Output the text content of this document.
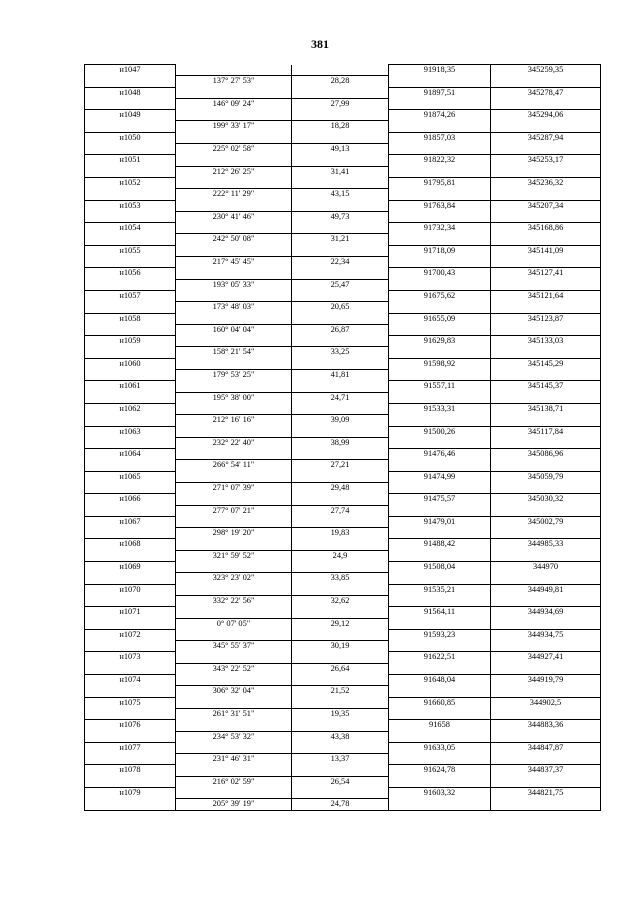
381
н1047			91918,35	345259,35
	137° 27' 53"	28,28		
н1048			91897,51	345278,47
	146° 09' 24"	27,99		
н1049			91874,26	345294,06
	199° 33' 17"	18,28		
н1050			91857,03	345287,94
	225° 02' 58"	49,13		
н1051			91822,32	345253,17
	212° 26' 25"	31,41		
н1052			91795,81	345236,32
	222° 11' 29"	43,15		
н1053			91763,84	345207,34
	230° 41' 46"	49,73		
н1054			91732,34	345168,86
	242° 50' 08"	31,21		
н1055			91718,09	345141,09
	217° 45' 45"	22,34		
н1056			91700,43	345127,41
	193° 05' 33"	25,47		
н1057			91675,62	345121,64
	173° 48' 03"	20,65		
н1058			91655,09	345123,87
	160° 04' 04"	26,87		
н1059			91629,83	345133,03
	158° 21' 54"	33,25		
н1060			91598,92	345145,29
	179° 53' 25"	41,81		
н1061			91557,11	345145,37
	195° 38' 00"	24,71		
н1062			91533,31	345138,71
	212° 16' 16"	39,09		
н1063			91500,26	345117,84
	232° 22' 40"	38,99		
н1064			91476,46	345086,96
	266° 54' 11"	27,21		
н1065			91474,99	345059,79
	271° 07' 39"	29,48		
н1066			91475,57	345030,32
	277° 07' 21"	27,74		
н1067			91479,01	345002,79
	298° 19' 20"	19,83		
н1068			91488,42	344985,33
	321° 59' 52"	24,9		
н1069			91508,04	344970
	323° 23' 02"	33,85		
н1070			91535,21	344949,81
	332° 22' 56"	32,62		
н1071			91564,11	344934,69
	0° 07' 05"	29,12		
н1072			91593,23	344934,75
	345° 55' 37"	30,19		
н1073			91622,51	344927,41
	343° 22' 52"	26,64		
н1074			91648,04	344919,79
	306° 32' 04"	21,52		
н1075			91660,85	344902,5
	261° 31' 51"	19,35		
н1076			91658	344883,36
	234° 53' 32"	43,38		
н1077			91633,05	344847,87
	231° 46' 31"	13,37		
н1078			91624,78	344837,37
	216° 02' 59"	26,54		
н1079			91603,32	344821,75
	205° 39' 19"	24,78		
